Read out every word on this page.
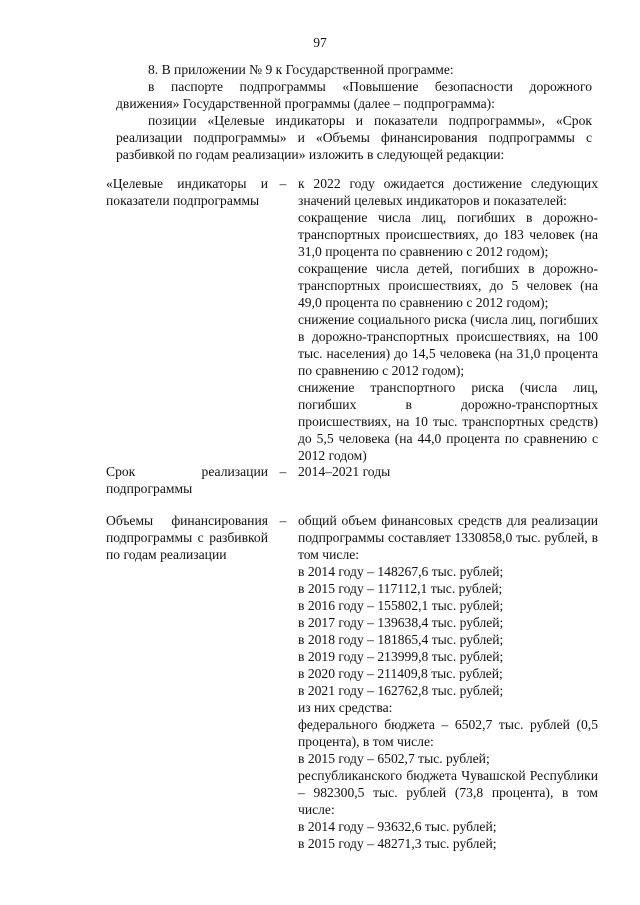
97

8. В приложении № 9 к Государственной программе:

в паспорте подпрограммы «Повышение безопасности дорожного движения» Государственной программы (далее – подпрограмма):

позиции «Целевые индикаторы и показатели подпрограммы», «Срок реализации подпрограммы» и «Объемы финансирования подпрограммы с разбивкой по годам реализации» изложить в следующей редакции:

«Целевые индикаторы и показатели подпрограммы
– к 2022 году ожидается достижение следующих значений целевых индикаторов и показателей:
сокращение числа лиц, погибших в дорожно-транспортных происшествиях, до 183 человек (на 31,0 процента по сравнению с 2012 годом);
сокращение числа детей, погибших в дорожно-транспортных происшествиях, до 5 человек (на 49,0 процента по сравнению с 2012 годом);
снижение социального риска (числа лиц, погибших в дорожно-транспортных происшествиях, на 100 тыс. населения) до 14,5 человека (на 31,0 процента по сравнению с 2012 годом);
снижение транспортного риска (числа лиц, погибших в дорожно-транспортных происшествиях, на 10 тыс. транспортных средств) до 5,5 человека (на 44,0 процента по сравнению с 2012 годом)
Срок реализации подпрограммы
– 2014–2021 годы
Объемы финансирования подпрограммы с разбивкой по годам реализации
– общий объем финансовых средств для реализации подпрограммы составляет 1330858,0 тыс. рублей, в том числе:
в 2014 году – 148267,6 тыс. рублей;
в 2015 году – 117112,1 тыс. рублей;
в 2016 году – 155802,1 тыс. рублей;
в 2017 году – 139638,4 тыс. рублей;
в 2018 году – 181865,4 тыс. рублей;
в 2019 году – 213999,8 тыс. рублей;
в 2020 году – 211409,8 тыс. рублей;
в 2021 году – 162762,8 тыс. рублей;
из них средства:
федерального бюджета – 6502,7 тыс. рублей (0,5 процента), в том числе:
в 2015 году – 6502,7 тыс. рублей;
республиканского бюджета Чувашской Республики – 982300,5 тыс. рублей (73,8 процента), в том числе:
в 2014 году – 93632,6 тыс. рублей;
в 2015 году – 48271,3 тыс. рублей;
